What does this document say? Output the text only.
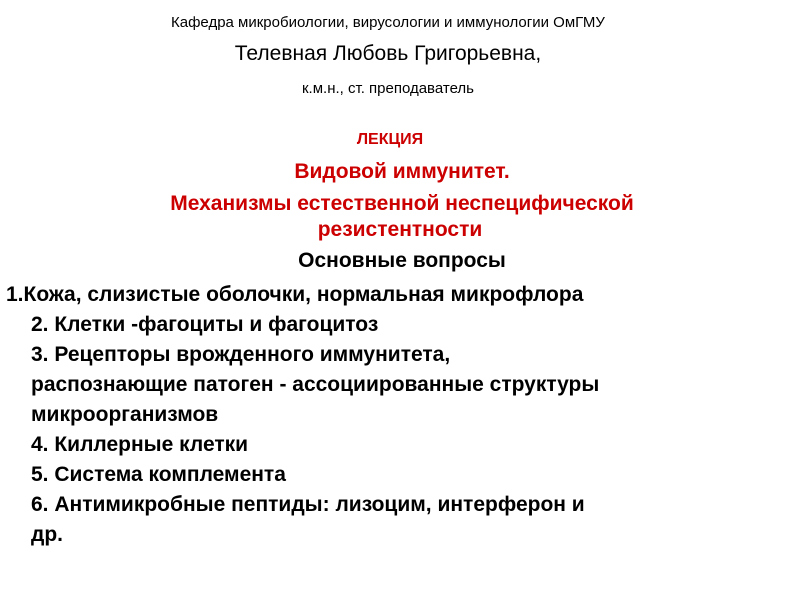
Кафедра микробиологии, вирусологии и иммунологии ОмГМУ
Телевная Любовь Григорьевна,
к.м.н., ст. преподаватель
ЛЕКЦИЯ
Видовой иммунитет.
Механизмы естественной неспецифической
резистентности
Основные вопросы
1.Кожа, слизистые оболочки, нормальная микрофлора
2. Клетки -фагоциты и фагоцитоз
3. Рецепторы врожденного иммунитета,
распознающие патоген - ассоциированные структуры
микроорганизмов
4. Киллерные клетки
5. Система комплемента
6. Антимикробные пептиды: лизоцим, интерферон и
др.
